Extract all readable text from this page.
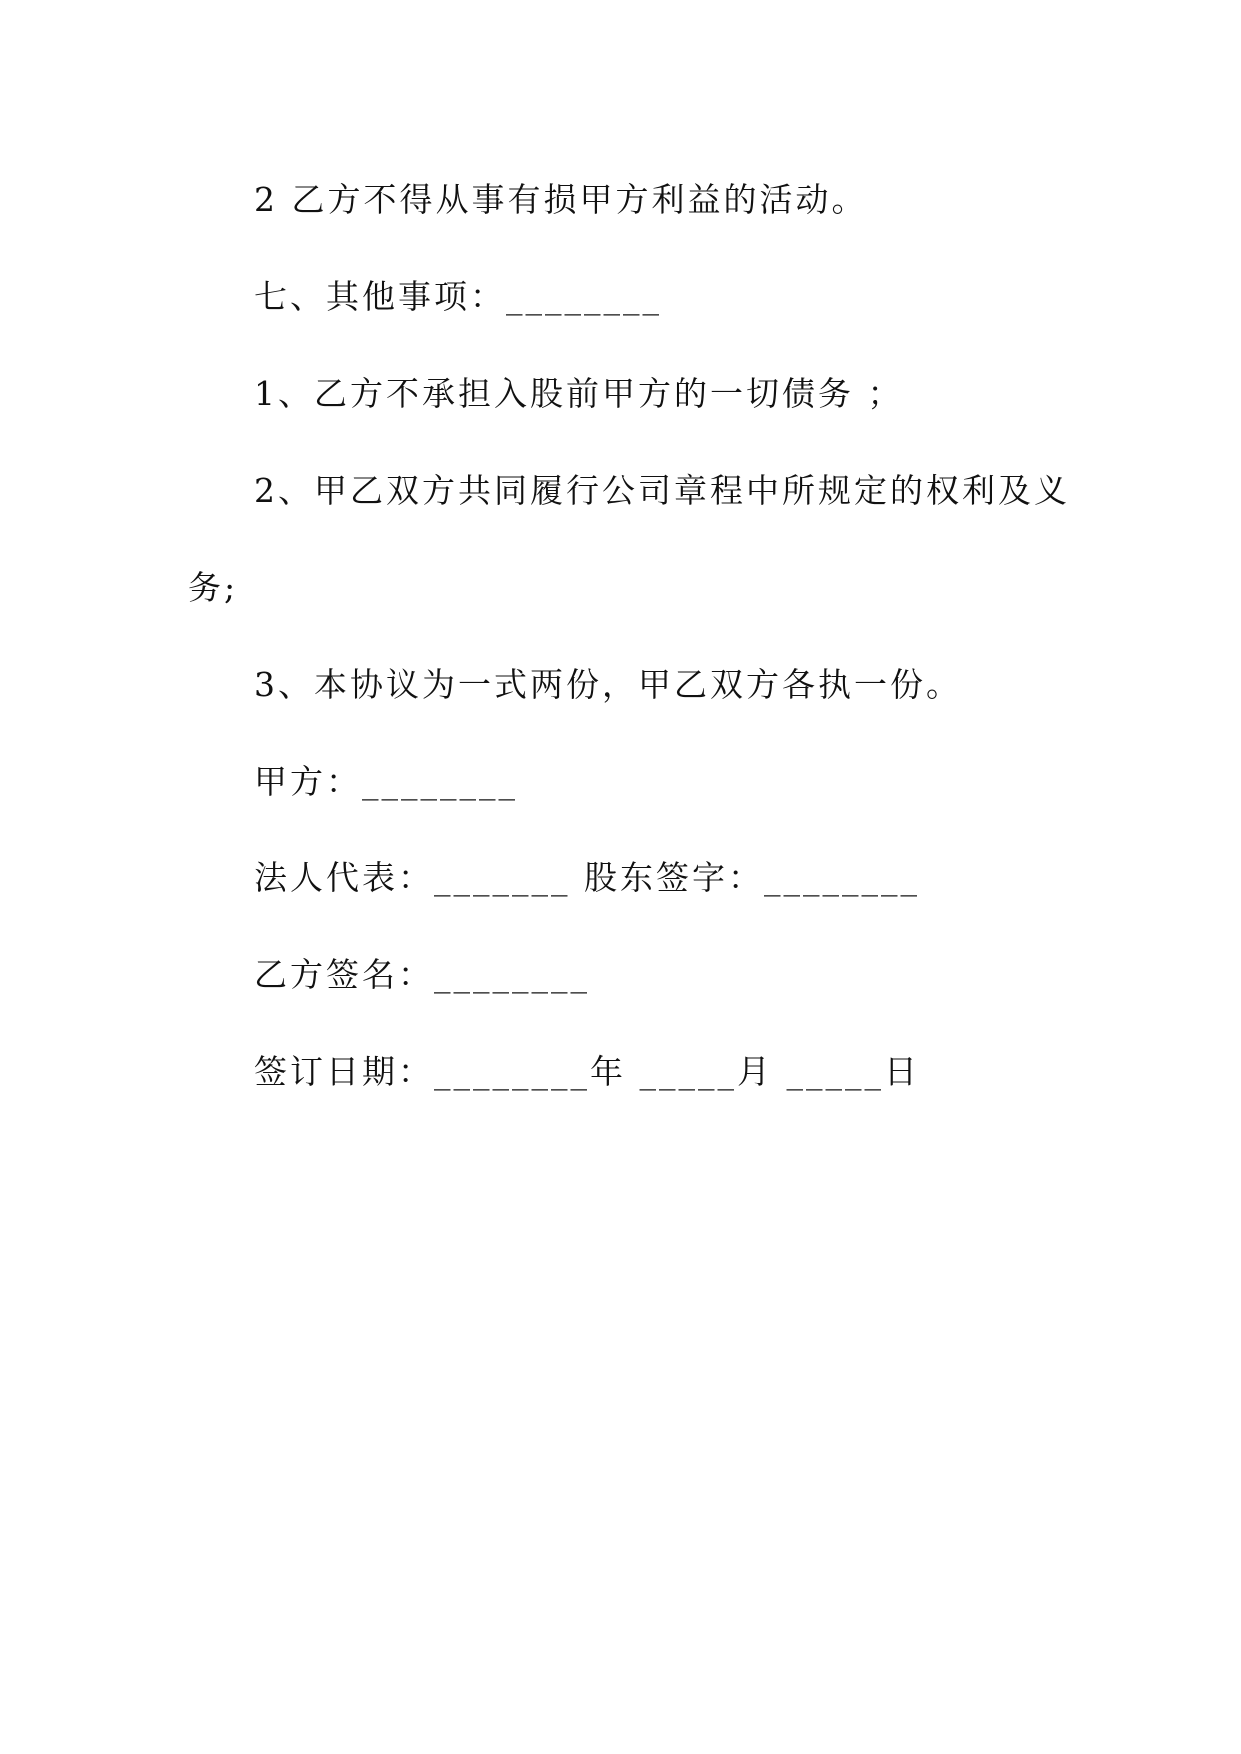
2 乙方不得从事有损甲方利益的活动。
七、其他事项：________
1、乙方不承担入股前甲方的一切债务 ；
2、甲乙双方共同履行公司章程中所规定的权利及义
务;
3、本协议为一式两份，甲乙双方各执一份。
甲方：________
法人代表：_______ 股东签字：________
乙方签名：________
签订日期：________年 _____月 _____日
